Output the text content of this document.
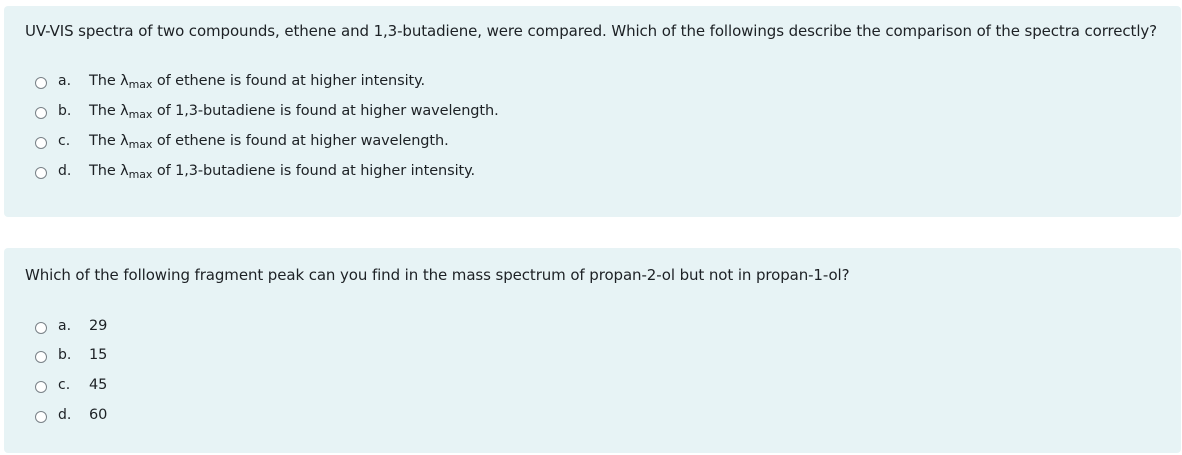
UV-VIS spectra of two compounds, ethene and 1,3-butadiene, were compared. Which of the followings describe the comparison of the spectra correctly?
a. The $\lambda_{max}$ of ethene is found at higher intensity.
b. The $\lambda_{max}$ of 1,3-butadiene is found at higher wavelength.
c. The $\lambda_{max}$ of ethene is found at higher wavelength.
d. The $\lambda_{max}$ of 1,3-butadiene is found at higher intensity.
Which of the following fragment peak can you find in the mass spectrum of propan-2-ol but not in propan-1-ol?
a. 29
b. 15
c. 45
d. 60
